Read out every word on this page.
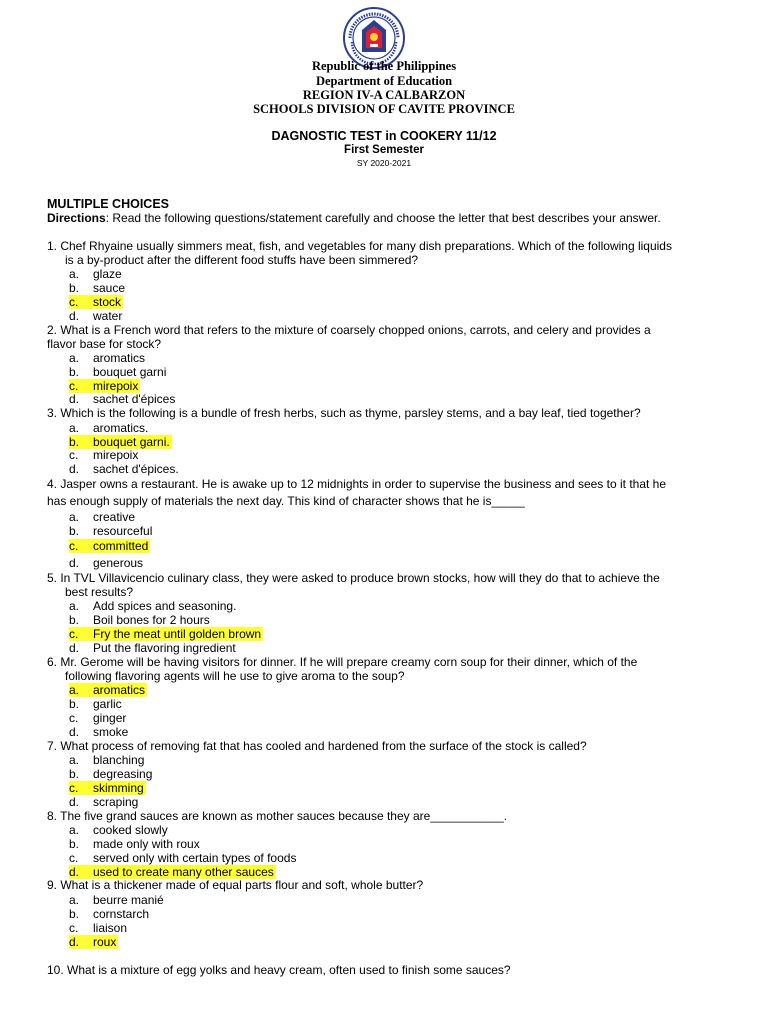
Republic of the Philippines
Department of Education
REGION IV-A CALBARZON
SCHOOLS DIVISION OF CAVITE PROVINCE
DAGNOSTIC TEST in COOKERY 11/12
First Semester
SY 2020-2021
MULTIPLE CHOICES
Directions: Read the following questions/statement carefully and choose the letter that best describes your answer.
1. Chef Rhyaine usually simmers meat, fish, and vegetables for many dish preparations. Which of the following liquids
is a by-product after the different food stuffs have been simmered?
a. glaze
b. sauce
c. stock
d. water
2. What is a French word that refers to the mixture of coarsely chopped onions, carrots, and celery and provides a
flavor base for stock?
a. aromatics
b. bouquet garni
c. mirepoix
d. sachet d'épices
3. Which is the following is a bundle of fresh herbs, such as thyme, parsley stems, and a bay leaf, tied together?
a. aromatics.
b. bouquet garni.
c. mirepoix
d. sachet d'épices.
4. Jasper owns a restaurant. He is awake up to 12 midnights in order to supervise the business and sees to it that he
has enough supply of materials the next day. This kind of character shows that he is_____
a. creative
b. resourceful
c. committed
d. generous
5. In TVL Villavicencio culinary class, they were asked to produce brown stocks, how will they do that to achieve the
best results?
a. Add spices and seasoning.
b. Boil bones for 2 hours
c. Fry the meat until golden brown
d. Put the flavoring ingredient
6. Mr. Gerome will be having visitors for dinner. If he will prepare creamy corn soup for their dinner, which of the
following flavoring agents will he use to give aroma to the soup?
a. aromatics
b. garlic
c. ginger
d. smoke
7. What process of removing fat that has cooled and hardened from the surface of the stock is called?
a. blanching
b. degreasing
c. skimming
d. scraping
8. The five grand sauces are known as mother sauces because they are___________.
a. cooked slowly
b. made only with roux
c. served only with certain types of foods
d. used to create many other sauces
9. What is a thickener made of equal parts flour and soft, whole butter?
a. beurre manié
b. cornstarch
c. liaison
d. roux
10. What is a mixture of egg yolks and heavy cream, often used to finish some sauces?
